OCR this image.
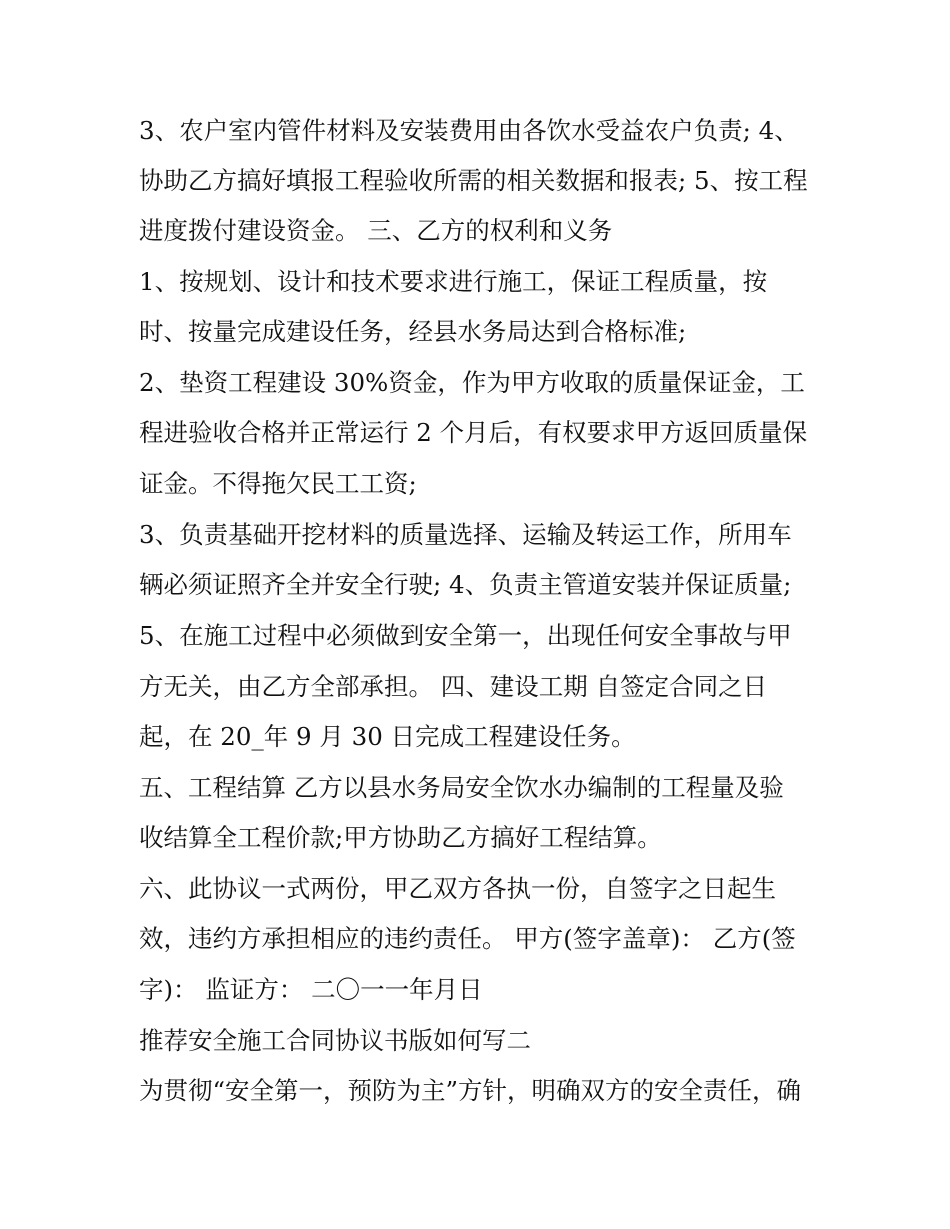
3、农户室内管件材料及安装费用由各饮水受益农户负责; 4、
协助乙方搞好填报工程验收所需的相关数据和报表; 5、按工程
进度拨付建设资金。 三、乙方的权利和义务
1、按规划、设计和技术要求进行施工，保证工程质量，按
时、按量完成建设任务，经县水务局达到合格标准;
2、垫资工程建设 30%资金，作为甲方收取的质量保证金，工
程进验收合格并正常运行 2 个月后，有权要求甲方返回质量保
证金。不得拖欠民工工资;
3、负责基础开挖材料的质量选择、运输及转运工作，所用车
辆必须证照齐全并安全行驶; 4、负责主管道安装并保证质量;
5、在施工过程中必须做到安全第一，出现任何安全事故与甲
方无关，由乙方全部承担。 四、建设工期 自签定合同之日
起，在 20_年 9 月 30 日完成工程建设任务。
五、工程结算 乙方以县水务局安全饮水办编制的工程量及验
收结算全工程价款;甲方协助乙方搞好工程结算。
六、此协议一式两份，甲乙双方各执一份，自签字之日起生
效，违约方承担相应的违约责任。 甲方(签字盖章)： 乙方(签
字)： 监证方： 二〇一一年月日
推荐安全施工合同协议书版如何写二
为贯彻“安全第一，预防为主”方针，明确双方的安全责任，确
